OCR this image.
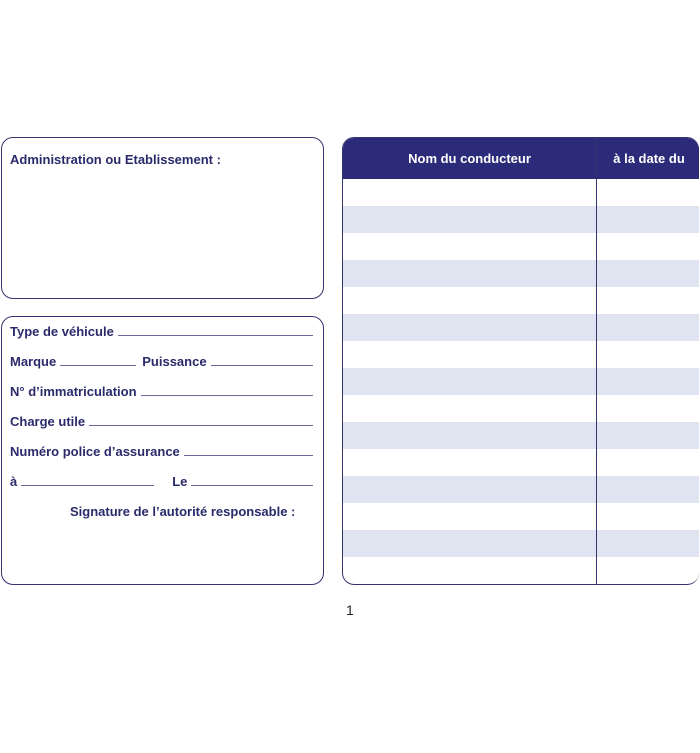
Administration ou Etablissement :
Type de véhicule
Marque	Puissance
N° d’immatriculation
Charge utile
Numéro police d’assurance
à	Le
Signature de l’autorité responsable :
Nom du conducteur	à la date du
1
